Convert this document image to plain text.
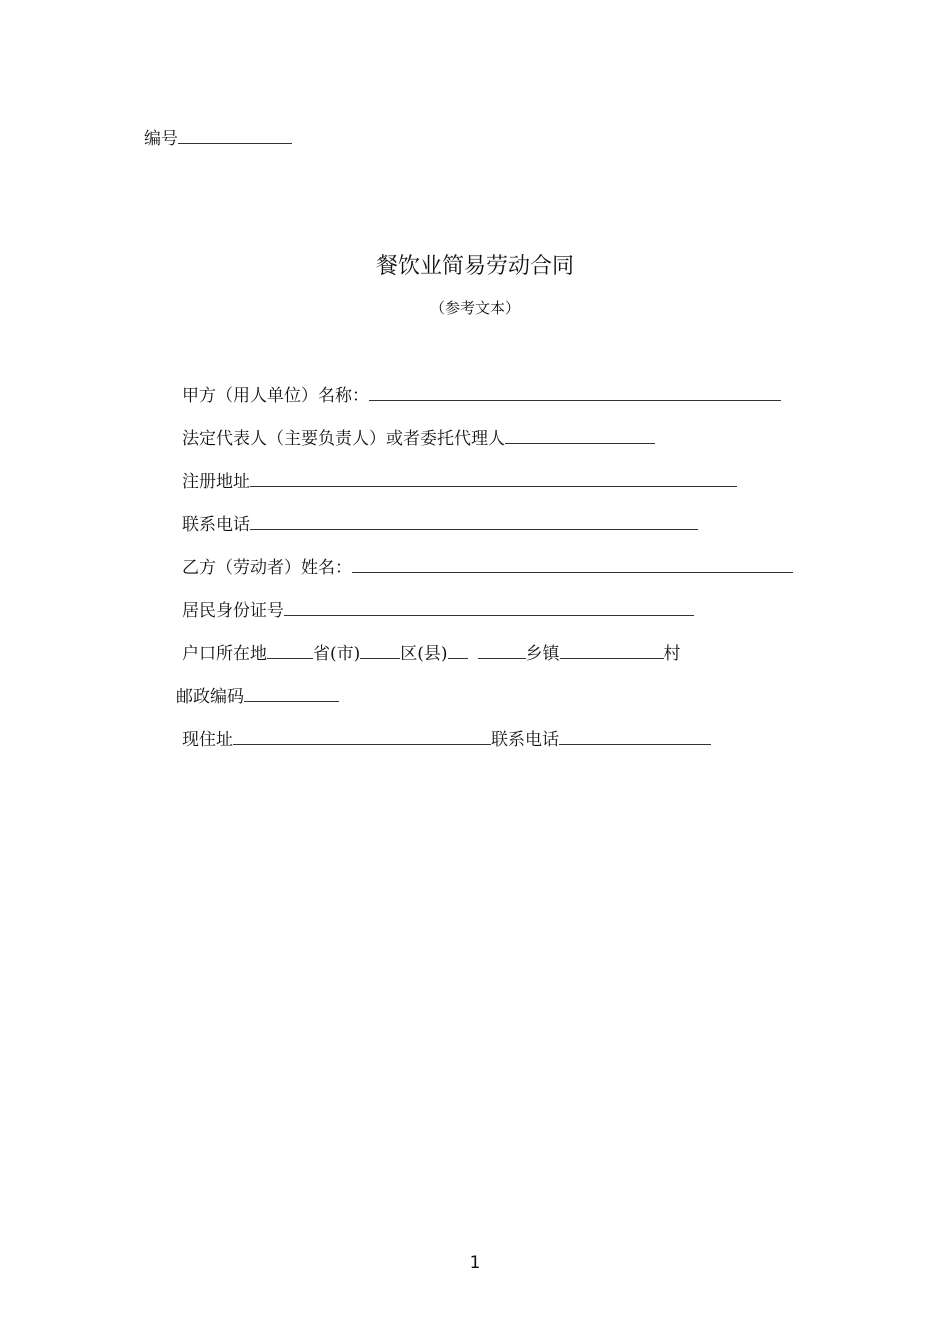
编号
餐饮业简易劳动合同
（参考文本）
甲方（用人单位）名称：
法定代表人（主要负责人）或者委托代理人
注册地址
联系电话
乙方（劳动者）姓名：
居民身份证号
户口所在地	省(市) 区(县)	乡镇	村
邮政编码
现住址	联系电话
1
